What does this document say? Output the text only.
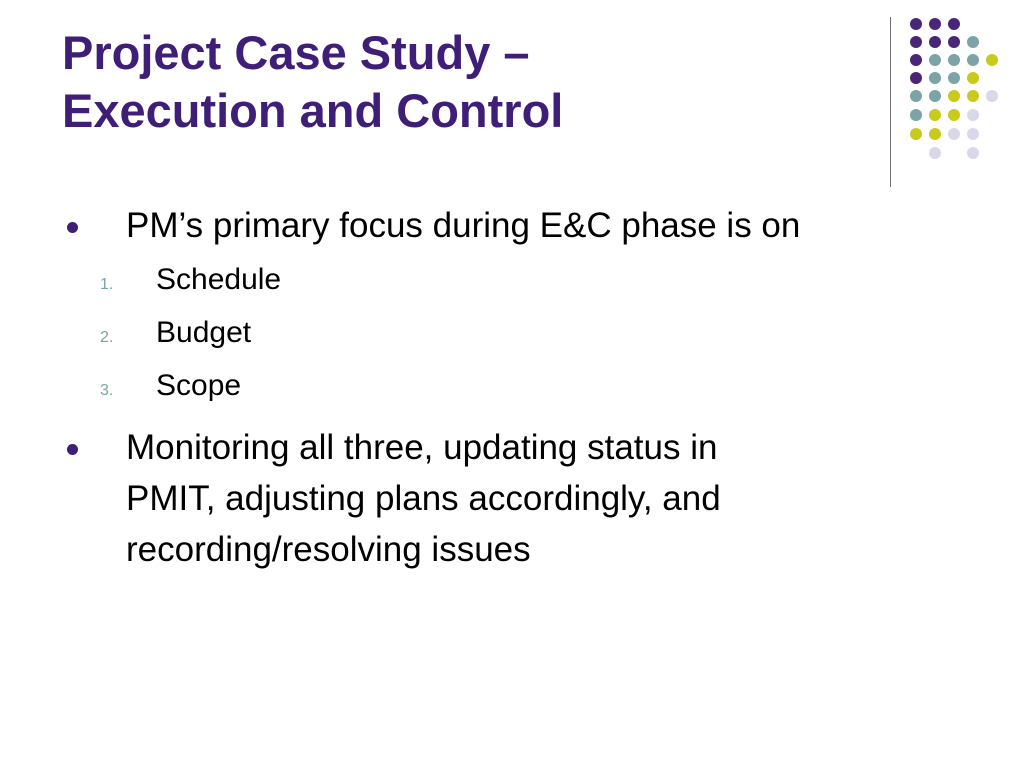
Project Case Study –
Execution and Control
PM’s primary focus during E&C phase is on
1. Schedule
2. Budget
3. Scope
Monitoring all three, updating status in
PMIT, adjusting plans accordingly, and
recording/resolving issues
